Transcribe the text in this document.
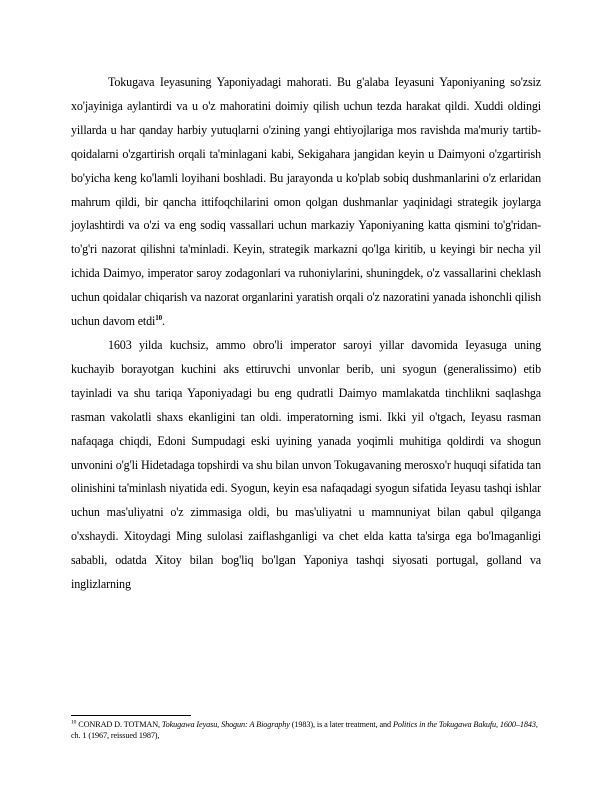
Tokugava Ieyasuning Yaponiyadagi mahorati. Bu g'alaba Ieyasuni Yaponiyaning so'zsiz xo'jayiniga aylantirdi va u o'z mahoratini doimiy qilish uchun tezda harakat qildi. Xuddi oldingi yillarda u har qanday harbiy yutuqlarni o'zining yangi ehtiyojlariga mos ravishda ma'muriy tartib-qoidalarni o'zgartirish orqali ta'minlagani kabi, Sekigahara jangidan keyin u Daimyoni o'zgartirish bo'yicha keng ko'lamli loyihani boshladi. Bu jarayonda u ko'plab sobiq dushmanlarini o'z erlaridan mahrum qildi, bir qancha ittifoqchilarini omon qolgan dushmanlar yaqinidagi strategik joylarga joylashtirdi va o'zi va eng sodiq vassallari uchun markaziy Yaponiyaning katta qismini to'g'ridan-to'g'ri nazorat qilishni ta'minladi. Keyin, strategik markazni qo'lga kiritib, u keyingi bir necha yil ichida Daimyo, imperator saroy zodagonlari va ruhoniylarini, shuningdek, o'z vassallarini cheklash uchun qoidalar chiqarish va nazorat organlarini yaratish orqali o'z nazoratini yanada ishonchli qilish uchun davom etdi$^{10}$.

1603 yilda kuchsiz, ammo obro'li imperator saroyi yillar davomida Ieyasuga uning kuchayib borayotgan kuchini aks ettiruvchi unvonlar berib, uni syogun (generalissimo) etib tayinladi va shu tariqa Yaponiyadagi bu eng qudratli Daimyo mamlakatda tinchlikni saqlashga rasman vakolatli shaxs ekanligini tan oldi. imperatorning ismi. Ikki yil o'tgach, Ieyasu rasman nafaqaga chiqdi, Edoni Sumpudagi eski uyining yanada yoqimli muhitiga qoldirdi va shogun unvonini o'g'li Hidetadaga topshirdi va shu bilan unvon Tokugavaning merosxo'r huquqi sifatida tan olinishini ta'minlash niyatida edi. Syogun, keyin esa nafaqadagi syogun sifatida Ieyasu tashqi ishlar uchun mas'uliyatni o'z zimmasiga oldi, bu mas'uliyatni u mamnuniyat bilan qabul qilganga o'xshaydi. Xitoydagi Ming sulolasi zaiflashganligi va chet elda katta ta'sirga ega bo'lmaganligi sababli, odatda Xitoy bilan bog'liq bo'lgan Yaponiya tashqi siyosati portugal, golland va inglizlarning

$^{10}$ CONRAD D. TOTMAN, Tokugawa Ieyasu, Shogun: A Biography (1983), is a later treatment, and Politics in the Tokugawa Bakufu, 1600–1843, ch. 1 (1967, reissued 1987),
